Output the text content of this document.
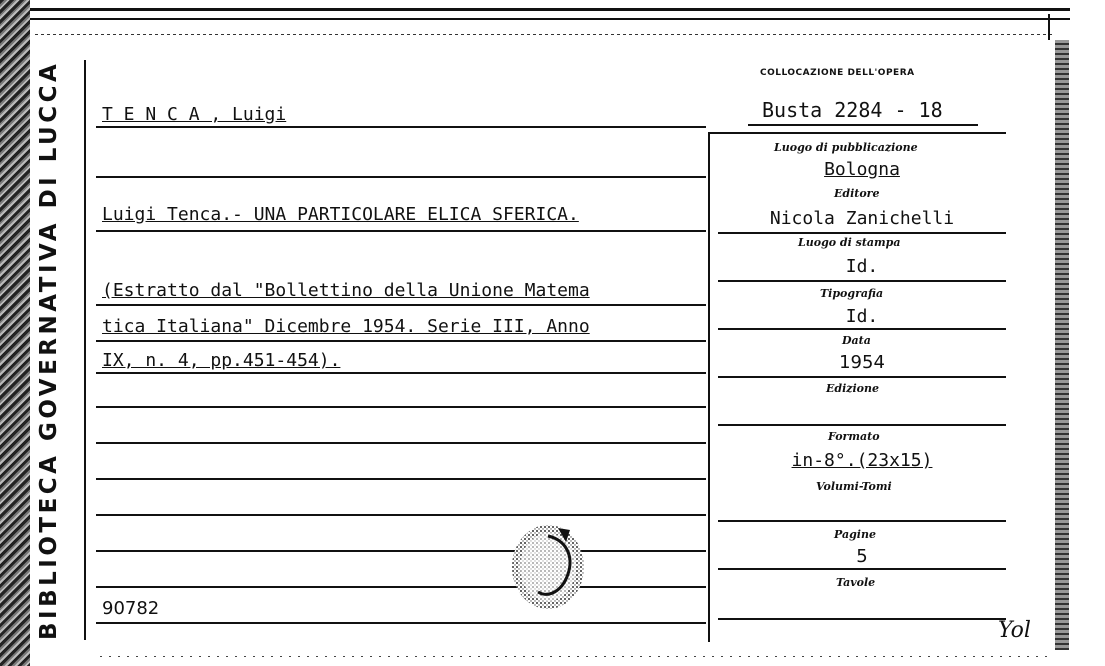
BIBLIOTECA GOVERNATIVA DI LUCCA	COLLOCAZIONE DELL'OPERA
Busta 2284 - 18
T E N C A , Luigi
Luigi Tenca.- UNA PARTICOLARE ELICA SFERICA.
(Estratto dal "Bollettino della Unione Matema
tica Italiana" Dicembre 1954. Serie III, Anno
IX, n. 4, pp.451-454).
90782
Luogo di pubblicazione
Bologna
Editore
Nicola Zanichelli
Luogo di stampa
Id.
Tipografia
Id.
Data
1954
Edizione
Formato
in-8°.(23x15)
Volumi-Tomi
Pagine
5
Tavole
Yol
